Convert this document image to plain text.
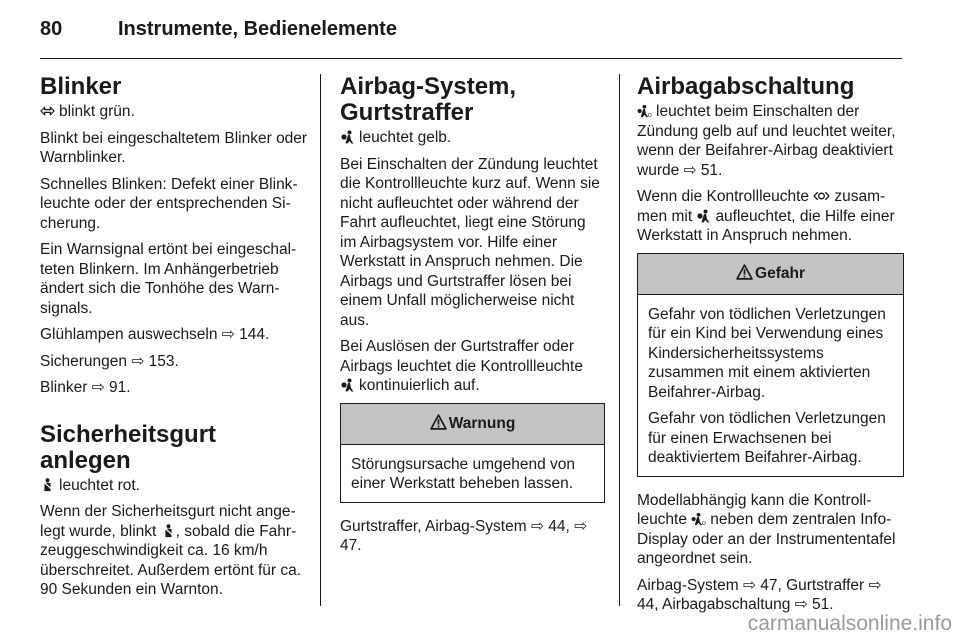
80	Instrumente, Bedienelemente
Blinker

blinkt grün.

Blinkt bei eingeschaltetem Blinker oder Warnblinker.

Schnelles Blinken: Defekt einer Blinkleuchte oder der entsprechenden Sicherung.

Ein Warnsignal ertönt bei eingeschalteten Blinkern. Im Anhängerbetrieb ändert sich die Tonhöhe des Warnsignals.

Glühlampen auswechseln ⇨ 144.

Sicherungen ⇨ 153.

Blinker ⇨ 91.

Sicherheitsgurt anlegen

leuchtet rot.

Wenn der Sicherheitsgurt nicht angelegt wurde, blinkt , sobald die Fahrzeuggeschwindigkeit ca. 16 km/h überschreitet. Außerdem ertönt für ca. 90 Sekunden ein Warnton.

Airbag-System, Gurtstraffer

leuchtet gelb.

Bei Einschalten der Zündung leuchtet die Kontrollleuchte kurz auf. Wenn sie nicht aufleuchtet oder während der Fahrt aufleuchtet, liegt eine Störung im Airbagsystem vor. Hilfe einer Werkstatt in Anspruch nehmen. Die Airbags und Gurtstraffer lösen bei einem Unfall möglicherweise nicht aus.

Bei Auslösen der Gurtstraffer oder Airbags leuchtet die Kontrollleuchte kontinuierlich auf.

Warnung

Störungsursache umgehend von einer Werkstatt beheben lassen.

Gurtstraffer, Airbag-System ⇨ 44, ⇨ 47.

Airbagabschaltung

leuchtet beim Einschalten der Zündung gelb auf und leuchtet weiter, wenn der Beifahrer-Airbag deaktiviert wurde ⇨ 51.

Wenn die Kontrollleuchte zusammen mit aufleuchtet, die Hilfe einer Werkstatt in Anspruch nehmen.

Gefahr

Gefahr von tödlichen Verletzungen für ein Kind bei Verwendung eines Kindersicherheitssystems zusammen mit einem aktivierten Beifahrer-Airbag.

Gefahr von tödlichen Verletzungen für einen Erwachsenen bei deaktiviertem Beifahrer-Airbag.

Modellabhängig kann die Kontrollleuchte neben dem zentralen Info-Display oder an der Instrumententafel angeordnet sein.

Airbag-System ⇨ 47, Gurtstraffer ⇨ 44, Airbagabschaltung ⇨ 51.

carmanualsonline.info
